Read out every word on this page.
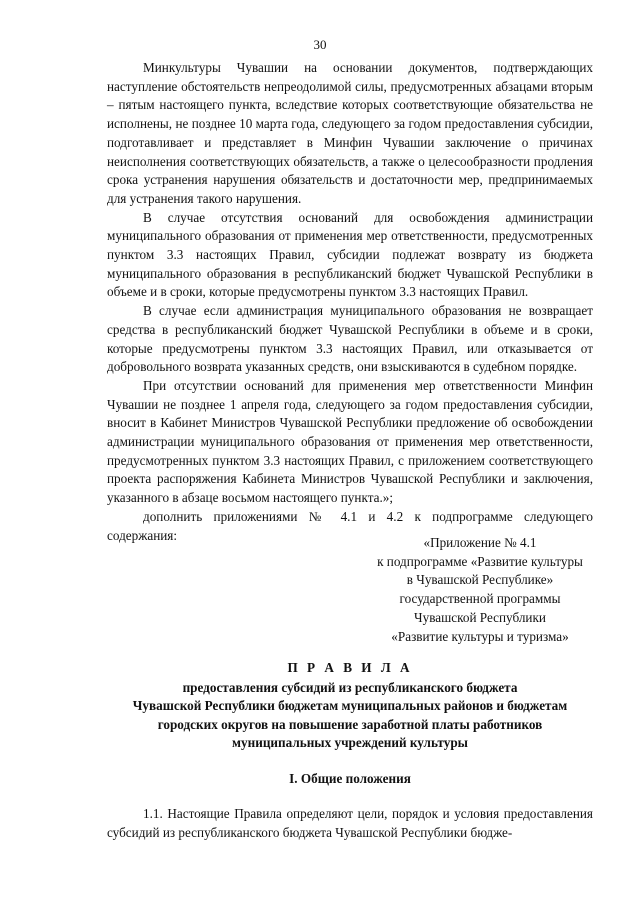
30

Минкультуры Чувашии на основании документов, подтверждающих наступление обстоятельств непреодолимой силы, предусмотренных абзацами вторым – пятым настоящего пункта, вследствие которых соответствующие обязательства не исполнены, не позднее 10 марта года, следующего за годом предоставления субсидии, подготавливает и представляет в Минфин Чувашии заключение о причинах неисполнения соответствующих обязательств, а также о целесообразности продления срока устранения нарушения обязательств и достаточности мер, предпринимаемых для устранения такого нарушения.

В случае отсутствия оснований для освобождения администрации муниципального образования от применения мер ответственности, предусмотренных пунктом 3.3 настоящих Правил, субсидии подлежат возврату из бюджета муниципального образования в республиканский бюджет Чувашской Республики в объеме и в сроки, которые предусмотрены пунктом 3.3 настоящих Правил.

В случае если администрация муниципального образования не возвращает средства в республиканский бюджет Чувашской Республики в объеме и в сроки, которые предусмотрены пунктом 3.3 настоящих Правил, или отказывается от добровольного возврата указанных средств, они взыскиваются в судебном порядке.

При отсутствии оснований для применения мер ответственности Минфин Чувашии не позднее 1 апреля года, следующего за годом предоставления субсидии, вносит в Кабинет Министров Чувашской Республики предложение об освобождении администрации муниципального образования от применения мер ответственности, предусмотренных пунктом 3.3 настоящих Правил, с приложением соответствующего проекта распоряжения Кабинета Министров Чувашской Республики и заключения, указанного в абзаце восьмом настоящего пункта.»;

дополнить приложениями № 4.1 и 4.2 к подпрограмме следующего содержания:	«Приложение № 4.1
к подпрограмме «Развитие культуры
в Чувашской Республике»
государственной программы
Чувашской Республики
«Развитие культуры и туризма»
П Р А В И Л А
предоставления субсидий из республиканского бюджета
Чувашской Республики бюджетам муниципальных районов и бюджетам
городских округов на повышение заработной платы работников
муниципальных учреждений культуры
I. Общие положения

1.1. Настоящие Правила определяют цели, порядок и условия предоставления субсидий из республиканского бюджета Чувашской Республики бюдже-
